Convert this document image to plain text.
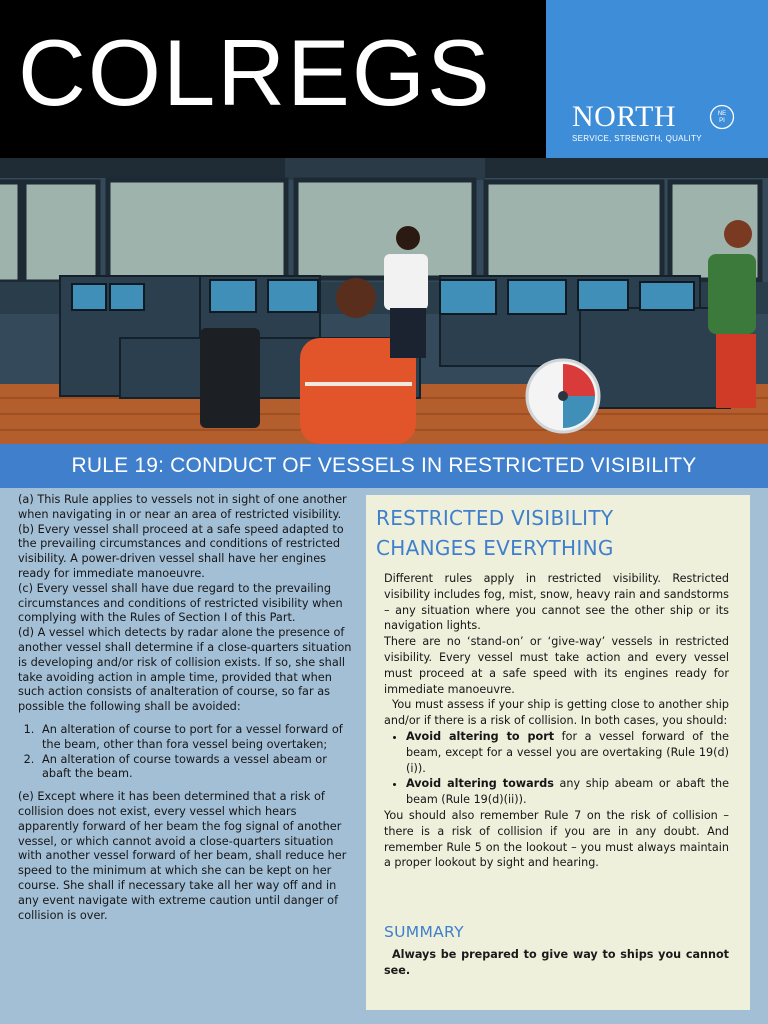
COLREGS	NORTH	NE
PI
SERVICE, STRENGTH, QUALITY
RULE 19: CONDUCT OF VESSELS IN RESTRICTED VISIBILITY

(a) This Rule applies to vessels not in sight of one another when navigating in or near an area of restricted visibility.

(b) Every vessel shall proceed at a safe speed adapted to the prevailing circumstances and conditions of restricted visibility. A power-driven vessel shall have her engines ready for immediate manoeuvre.

(c) Every vessel shall have due regard to the prevailing circumstances and conditions of restricted visibility when complying with the Rules of Section I of this Part.

(d) A vessel which detects by radar alone the presence of another vessel shall determine if a close-quarters situation is developing and/or risk of collision exists. If so, she shall take avoiding action in ample time, provided that when such action consists of analteration of course, so far as possible the following shall be avoided:

1. An alteration of course to port for a vessel forward of the beam, other than fora vessel being overtaken;
2. An alteration of course towards a vessel abeam or abaft the beam.

(e) Except where it has been determined that a risk of collision does not exist, every vessel which hears apparently forward of her beam the fog signal of another vessel, or which cannot avoid a close-quarters situation with another vessel forward of her beam, shall reduce her speed to the minimum at which she can be kept on her course. She shall if necessary take all her way off and in any event navigate with extreme caution until danger of collision is over.

RESTRICTED VISIBILITY
CHANGES EVERYTHING

Different rules apply in restricted visibility. Restricted visibility includes fog, mist, snow, heavy rain and sandstorms – any situation where you cannot see the other ship or its navigation lights.

There are no ‘stand-on’ or ‘give-way’ vessels in restricted visibility. Every vessel must take action and every vessel must proceed at a safe speed with its engines ready for immediate manoeuvre.

You must assess if your ship is getting close to another ship and/or if there is a risk of collision. In both cases, you should:

• Avoid altering to port for a vessel forward of the beam, except for a vessel you are overtaking (Rule 19(d)(i)).
• Avoid altering towards any ship abeam or abaft the beam (Rule 19(d)(ii)).

You should also remember Rule 7 on the risk of collision – there is a risk of collision if you are in any doubt. And remember Rule 5 on the lookout – you must always maintain a proper lookout by sight and hearing.

SUMMARY
Always be prepared to give way to ships you cannot see.
